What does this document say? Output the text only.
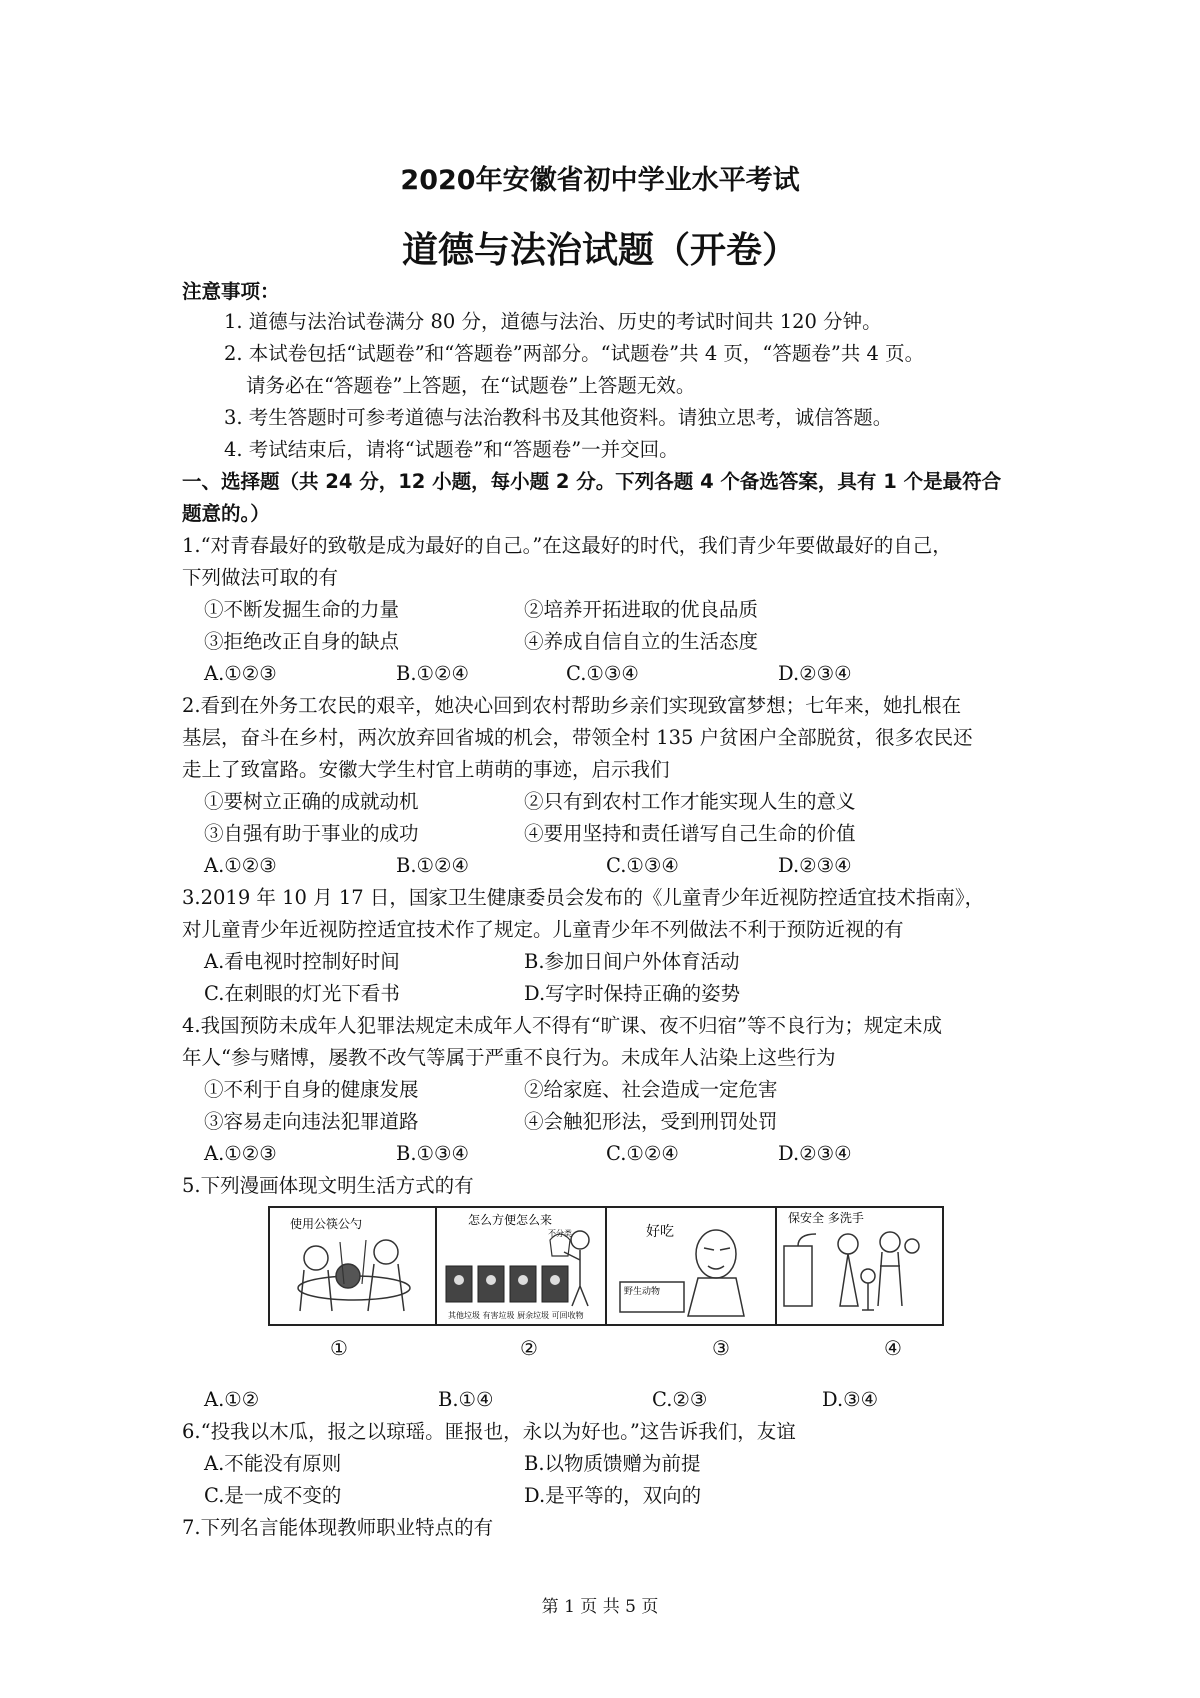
2020年安徽省初中学业水平考试
道德与法治试题（开卷）
注意事项：
1. 道德与法治试卷满分 80 分，道德与法治、历史的考试时间共 120 分钟。
2. 本试卷包括“试题卷”和“答题卷”两部分。“试题卷”共 4 页，“答题卷”共 4 页。
请务必在“答题卷”上答题，在“试题卷”上答题无效。
3. 考生答题时可参考道德与法治教科书及其他资料。请独立思考，诚信答题。
4. 考试结束后，请将“试题卷”和“答题卷”一并交回。
一、选择题（共 24 分，12 小题，每小题 2 分。下列各题 4 个备选答案，具有 1 个是最符合
题意的。）
1.“对青春最好的致敬是成为最好的自己。”在这最好的时代，我们青少年要做最好的自己，
下列做法可取的有
①不断发掘生命的力量	②培养开拓进取的优良品质
③拒绝改正自身的缺点	④养成自信自立的生活态度
A.①②③	B.①②④	C.①③④	D.②③④
2.看到在外务工农民的艰辛，她决心回到农村帮助乡亲们实现致富梦想；七年来，她扎根在
基层，奋斗在乡村，两次放弃回省城的机会，带领全村 135 户贫困户全部脱贫，很多农民还
走上了致富路。安徽大学生村官上萌萌的事迹，启示我们
①要树立正确的成就动机	②只有到农村工作才能实现人生的意义
③自强有助于事业的成功	④要用坚持和责任谱写自己生命的价值
A.①②③	B.①②④	C.①③④	D.②③④
3.2019 年 10 月 17 日，国家卫生健康委员会发布的《儿童青少年近视防控适宜技术指南》，
对儿童青少年近视防控适宜技术作了规定。儿童青少年不列做法不利于预防近视的有
A.看电视时控制好时间	B.参加日间户外体育活动
C.在刺眼的灯光下看书	D.写字时保持正确的姿势
4.我国预防未成年人犯罪法规定未成年人不得有“旷课、夜不归宿”等不良行为；规定未成
年人“参与赌博，屡教不改气等属于严重不良行为。未成年人沾染上这些行为
①不利于自身的健康发展	②给家庭、社会造成一定危害
③容易走向违法犯罪道路	④会触犯形法，受到刑罚处罚
A.①②③	B.①③④	C.①②④	D.②③④
5.下列漫画体现文明生活方式的有
使用公筷公勺	怎么方便怎么来
其他垃圾 有害垃圾 厨余垃圾 可回收物
不分类	好吃
野生动物
保安全 多洗手
①	②	③	④
A.①②	B.①④	C.②③	D.③④
6.“投我以木瓜，报之以琼瑶。匪报也，永以为好也。”这告诉我们，友谊
A.不能没有原则	B.以物质馈赠为前提
C.是一成不变的	D.是平等的，双向的
7.下列名言能体现教师职业特点的有
第 1 页 共 5 页
